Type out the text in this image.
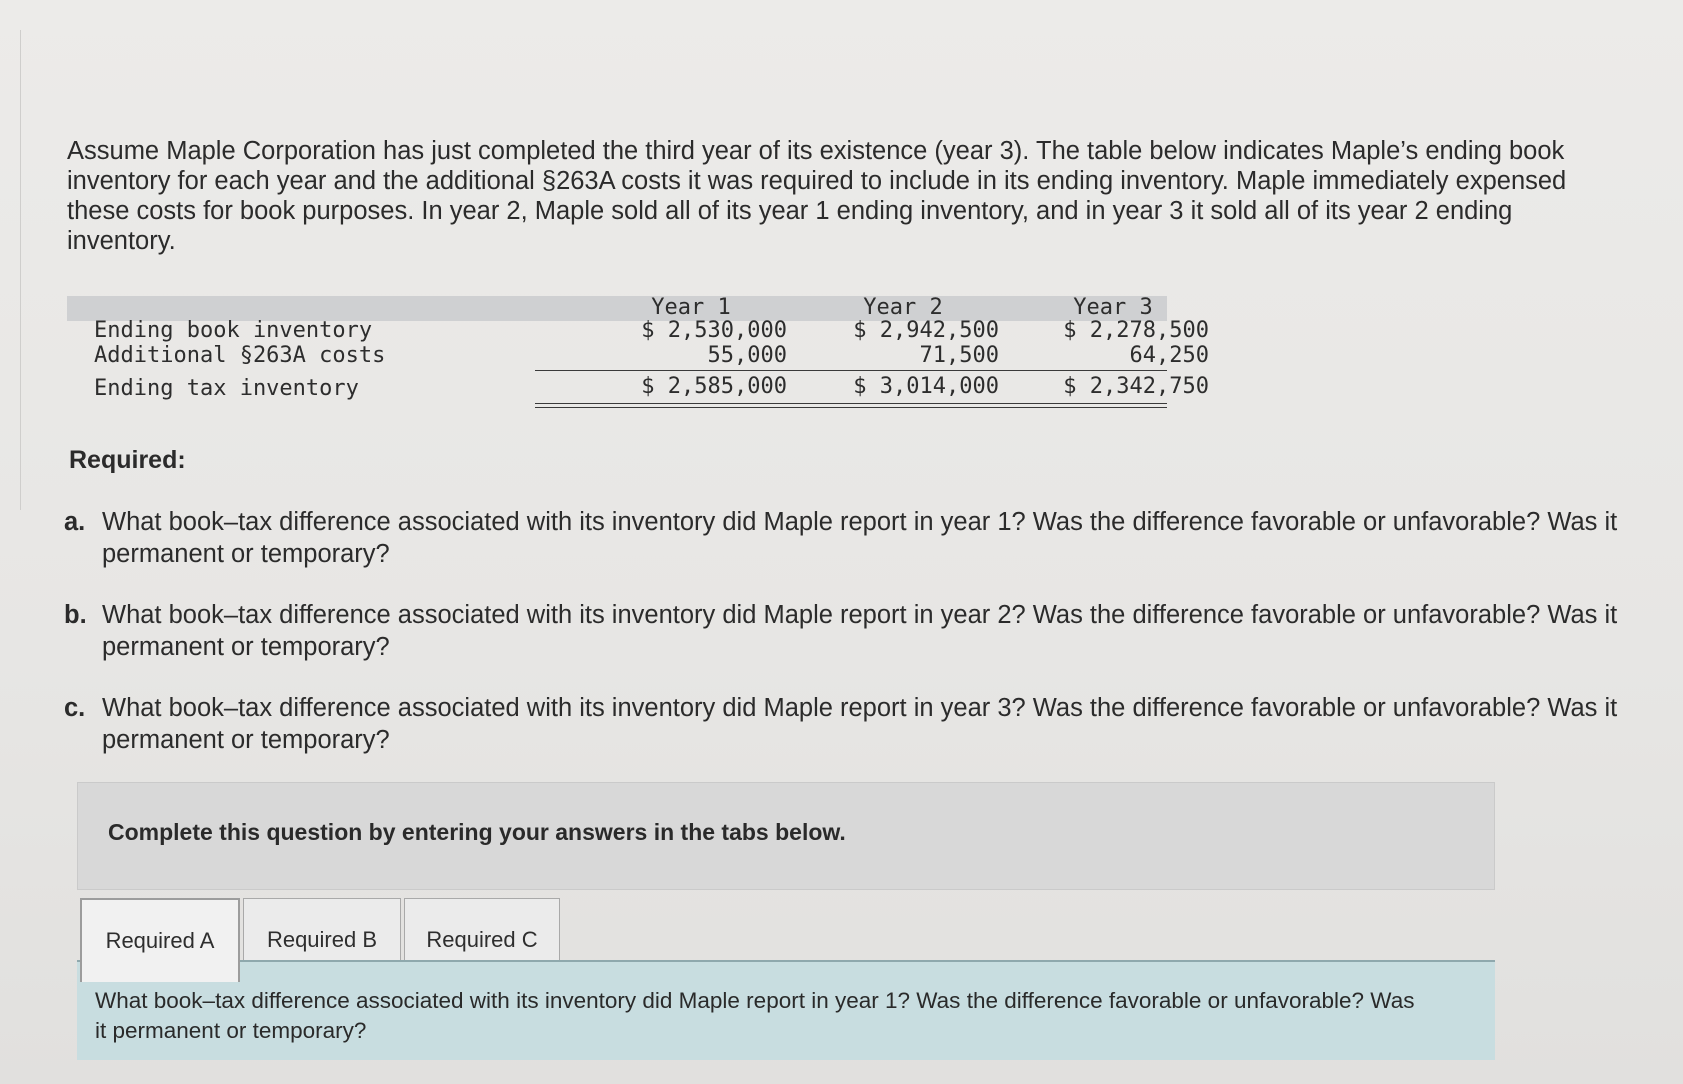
Assume Maple Corporation has just completed the third year of its existence (year 3). The table below indicates Maple’s ending book inventory for each year and the additional §263A costs it was required to include in its ending inventory. Maple immediately expensed these costs for book purposes. In year 2, Maple sold all of its year 1 ending inventory, and in year 3 it sold all of its year 2 ending inventory.
Year 1	Year 2	Year 3
Ending book inventory	$ 2,530,000	$ 2,942,500	$ 2,278,500
Additional §263A costs	55,000	71,500	64,250
Ending tax inventory	$ 2,585,000	$ 3,014,000	$ 2,342,750
Required:
a. What book–tax difference associated with its inventory did Maple report in year 1? Was the difference favorable or unfavorable? Was it permanent or temporary?
b. What book–tax difference associated with its inventory did Maple report in year 2? Was the difference favorable or unfavorable? Was it permanent or temporary?
c. What book–tax difference associated with its inventory did Maple report in year 3? Was the difference favorable or unfavorable? Was it permanent or temporary?
Complete this question by entering your answers in the tabs below.
Required A	Required B	Required C
What book–tax difference associated with its inventory did Maple report in year 1? Was the difference favorable or unfavorable? Was it permanent or temporary?
